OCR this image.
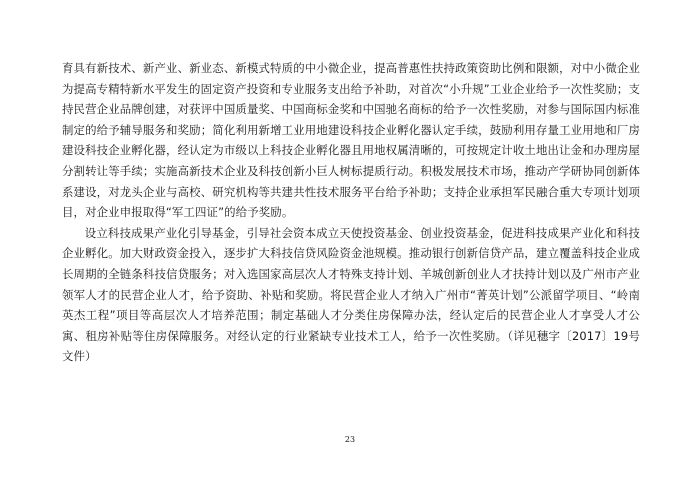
育具有新技术、新产业、新业态、新模式特质的中小微企业，提高普惠性扶持政策资助比例和限额，对中小微企业为提高专精特新水平发生的固定资产投资和专业服务支出给予补助，对首次“小升规”工业企业给予一次性奖励；支持民营企业品牌创建，对获评中国质量奖、中国商标金奖和中国驰名商标的给予一次性奖励，对参与国际国内标准制定的给予辅导服务和奖励；简化利用新增工业用地建设科技企业孵化器认定手续，鼓励利用存量工业用地和厂房建设科技企业孵化器，经认定为市级以上科技企业孵化器且用地权属清晰的，可按规定计收土地出让金和办理房屋分割转让等手续；实施高新技术企业及科技创新小巨人树标提质行动。积极发展技术市场，推动产学研协同创新体系建设，对龙头企业与高校、研究机构等共建共性技术服务平台给予补助；支持企业承担军民融合重大专项计划项目，对企业申报取得“军工四证”的给予奖励。

设立科技成果产业化引导基金，引导社会资本成立天使投资基金、创业投资基金，促进科技成果产业化和科技企业孵化。加大财政资金投入，逐步扩大科技信贷风险资金池规模。推动银行创新信贷产品，建立覆盖科技企业成长周期的全链条科技信贷服务；对入选国家高层次人才特殊支持计划、羊城创新创业人才扶持计划以及广州市产业领军人才的民营企业人才，给予资助、补贴和奖励。将民营企业人才纳入广州市“菁英计划”公派留学项目、“岭南英杰工程”项目等高层次人才培养范围；制定基础人才分类住房保障办法，经认定后的民营企业人才享受人才公寓、租房补贴等住房保障服务。对经认定的行业紧缺专业技术工人，给予一次性奖励。（详见穗字〔2017〕19号文件）

23
